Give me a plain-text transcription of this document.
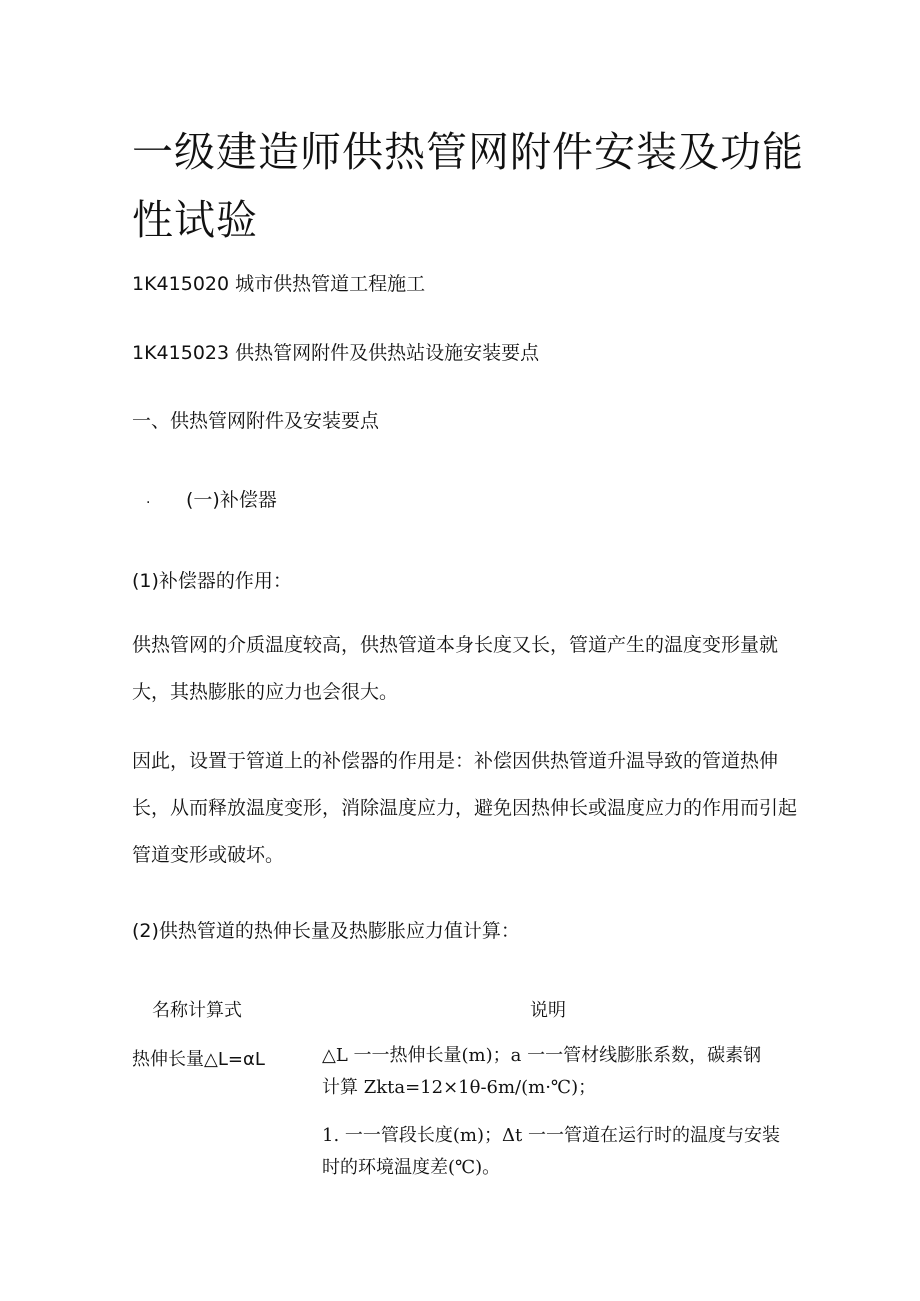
一级建造师供热管网附件安装及功能性试验
1K415020 城市供热管道工程施工
1K415023 供热管网附件及供热站设施安装要点
一、供热管网附件及安装要点
· (一)补偿器
(1)补偿器的作用：

供热管网的介质温度较高，供热管道本身长度又长，管道产生的温度变形量就大，其热膨胀的应力也会很大。

因此，设置于管道上的补偿器的作用是：补偿因供热管道升温导致的管道热伸长，从而释放温度变形，消除温度应力，避免因热伸长或温度应力的作用而引起管道变形或破坏。

(2)供热管道的热伸长量及热膨胀应力值计算：
名称计算式	说明
热伸长量△L=αL	△L 一一热伸长量(m)；a 一一管材线膨胀系数，碳素钢
计算 Zkta=12×1θ-6m/(m·℃)；
1. 一一管段长度(m)；Δt 一一管道在运行时的温度与安装
时的环境温度差(℃)。
